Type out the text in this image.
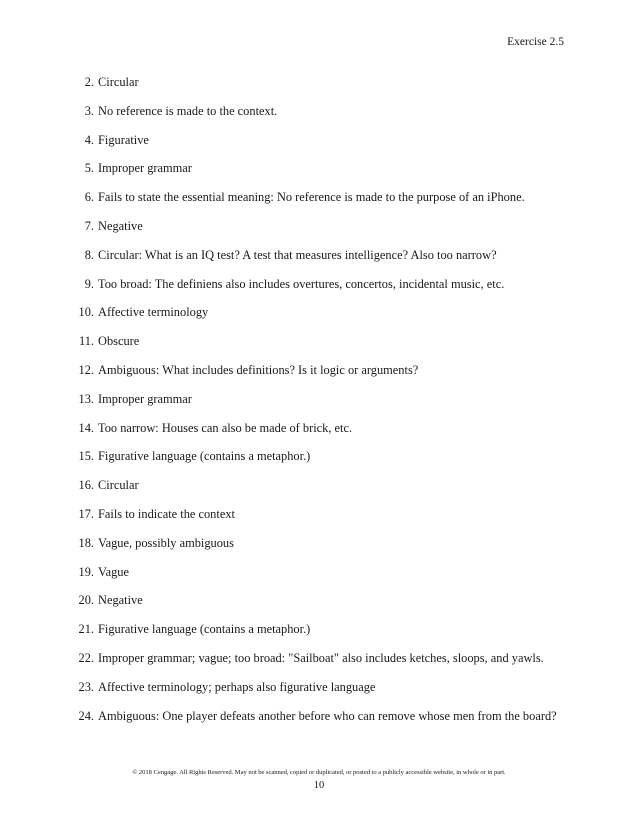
Exercise 2.5
2 . Circular
3 . No reference is made to the context.
4 . Figurative
5 . Improper grammar
6 . Fails to state the essential meaning: No reference is made to the purpose of an iPhone.
7 . Negative
8 . Circular: What is an IQ test? A test that measures intelligence? Also too narrow?
9 . Too broad: The definiens also includes overtures, concertos, incidental music, etc.
10 . Affective terminology
11 . Obscure
12 . Ambiguous: What includes definitions? Is it logic or arguments?
13 . Improper grammar
14 . Too narrow: Houses can also be made of brick, etc.
15 . Figurative language (contains a metaphor.)
16 . Circular
17 . Fails to indicate the context
18 . Vague, possibly ambiguous
19 . Vague
20 . Negative
21 . Figurative language (contains a metaphor.)
22 . Improper grammar; vague; too broad: "Sailboat" also includes ketches, sloops, and yawls.
23 . Affective terminology; perhaps also figurative language
24 . Ambiguous: One player defeats another before who can remove whose men from the board?
© 2018 Cengage. All Rights Reserved. May not be scanned, copied or duplicated, or posted to a publicly accessible website, in whole or in part.
10
